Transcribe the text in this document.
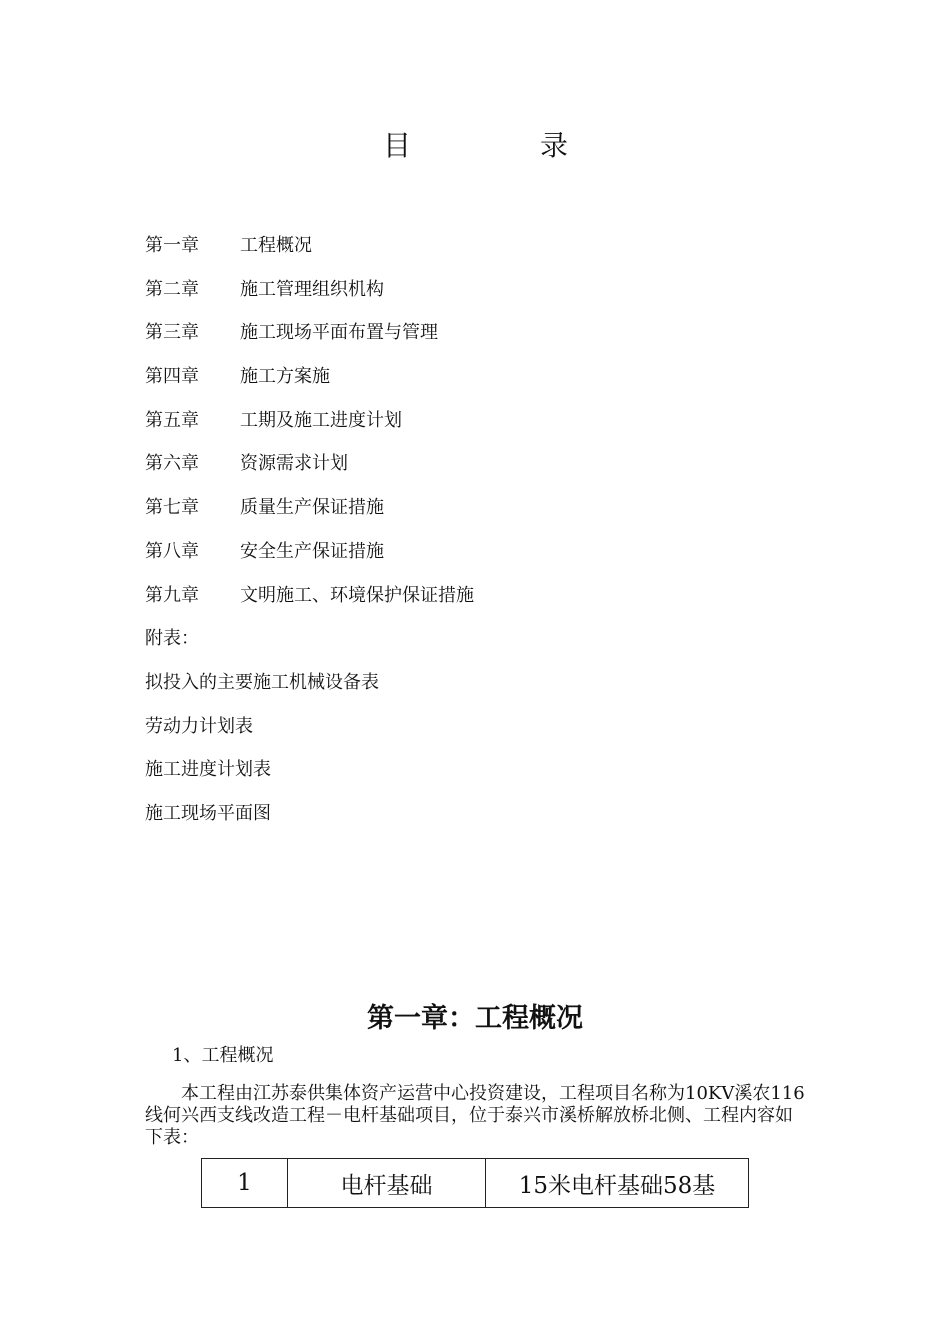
目	录
第一章 工程概况
第二章 施工管理组织机构
第三章 施工现场平面布置与管理
第四章 施工方案施
第五章 工期及施工进度计划
第六章 资源需求计划
第七章 质量生产保证措施
第八章 安全生产保证措施
第九章 文明施工、环境保护保证措施
附表：
拟投入的主要施工机械设备表
劳动力计划表
施工进度计划表
施工现场平面图
第一章：工程概况
1、工程概况
本工程由江苏泰供集体资产运营中心投资建设，工程项目名称为10KV溪农116线何兴西支线改造工程－电杆基础项目，位于泰兴市溪桥解放桥北侧、工程内容如下表：
1	电杆基础	15米电杆基础58基
